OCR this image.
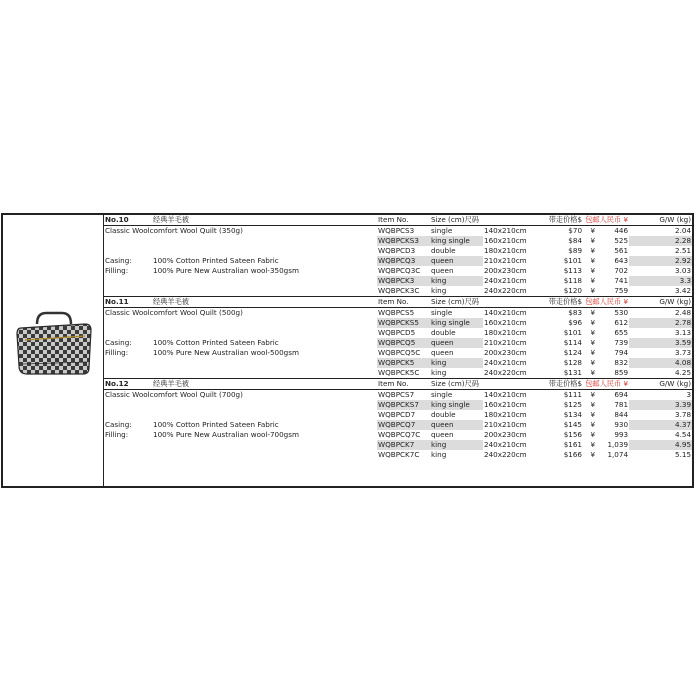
No.10	经典羊毛被	Item No.	Size (cm)尺码		带走价格$	包邮人民币 ¥		G/W (kg)
Classic Woolcomfort Wool Quilt (350g)		WQBPCS3	single	140x210cm	$70	¥	446	2.04
		WQBPCKS3	king single	160x210cm	$84	¥	525	2.28
		WQBPCD3	double	180x210cm	$89	¥	561	2.51
Casing:	100% Cotton Printed Sateen Fabric	WQBPCQ3	queen	210x210cm	$101	¥	643	2.92
Filling:	100% Pure New Australian wool-350gsm	WQBPCQ3C	queen	200x230cm	$113	¥	702	3.03
		WQBPCK3	king	240x210cm	$118	¥	741	3.3
		WQBPCK3C	king	240x220cm	$120	¥	759	3.42
No.11	经典羊毛被	Item No.	Size (cm)尺码		带走价格$	包邮人民币 ¥		G/W (kg)
Classic Woolcomfort Wool Quilt (500g)		WQBPCS5	single	140x210cm	$83	¥	530	2.48
		WQBPCKS5	king single	160x210cm	$96	¥	612	2.78
		WQBPCD5	double	180x210cm	$101	¥	655	3.13
Casing:	100% Cotton Printed Sateen Fabric	WQBPCQ5	queen	210x210cm	$114	¥	739	3.59
Filling:	100% Pure New Australian wool-500gsm	WQBPCQ5C	queen	200x230cm	$124	¥	794	3.73
		WQBPCK5	king	240x210cm	$128	¥	832	4.08
		WQBPCK5C	king	240x220cm	$131	¥	859	4.25
No.12	经典羊毛被	Item No.	Size (cm)尺码		带走价格$	包邮人民币 ¥		G/W (kg)
Classic Woolcomfort Wool Quilt (700g)		WQBPCS7	single	140x210cm	$111	¥	694	3
		WQBPCKS7	king single	160x210cm	$125	¥	781	3.39
		WQBPCD7	double	180x210cm	$134	¥	844	3.78
Casing:	100% Cotton Printed Sateen Fabric	WQBPCQ7	queen	210x210cm	$145	¥	930	4.37
Filling:	100% Pure New Australian wool-700gsm	WQBPCQ7C	queen	200x230cm	$156	¥	993	4.54
		WQBPCK7	king	240x210cm	$161	¥	1,039	4.95
		WQBPCK7C	king	240x220cm	$166	¥	1,074	5.15
